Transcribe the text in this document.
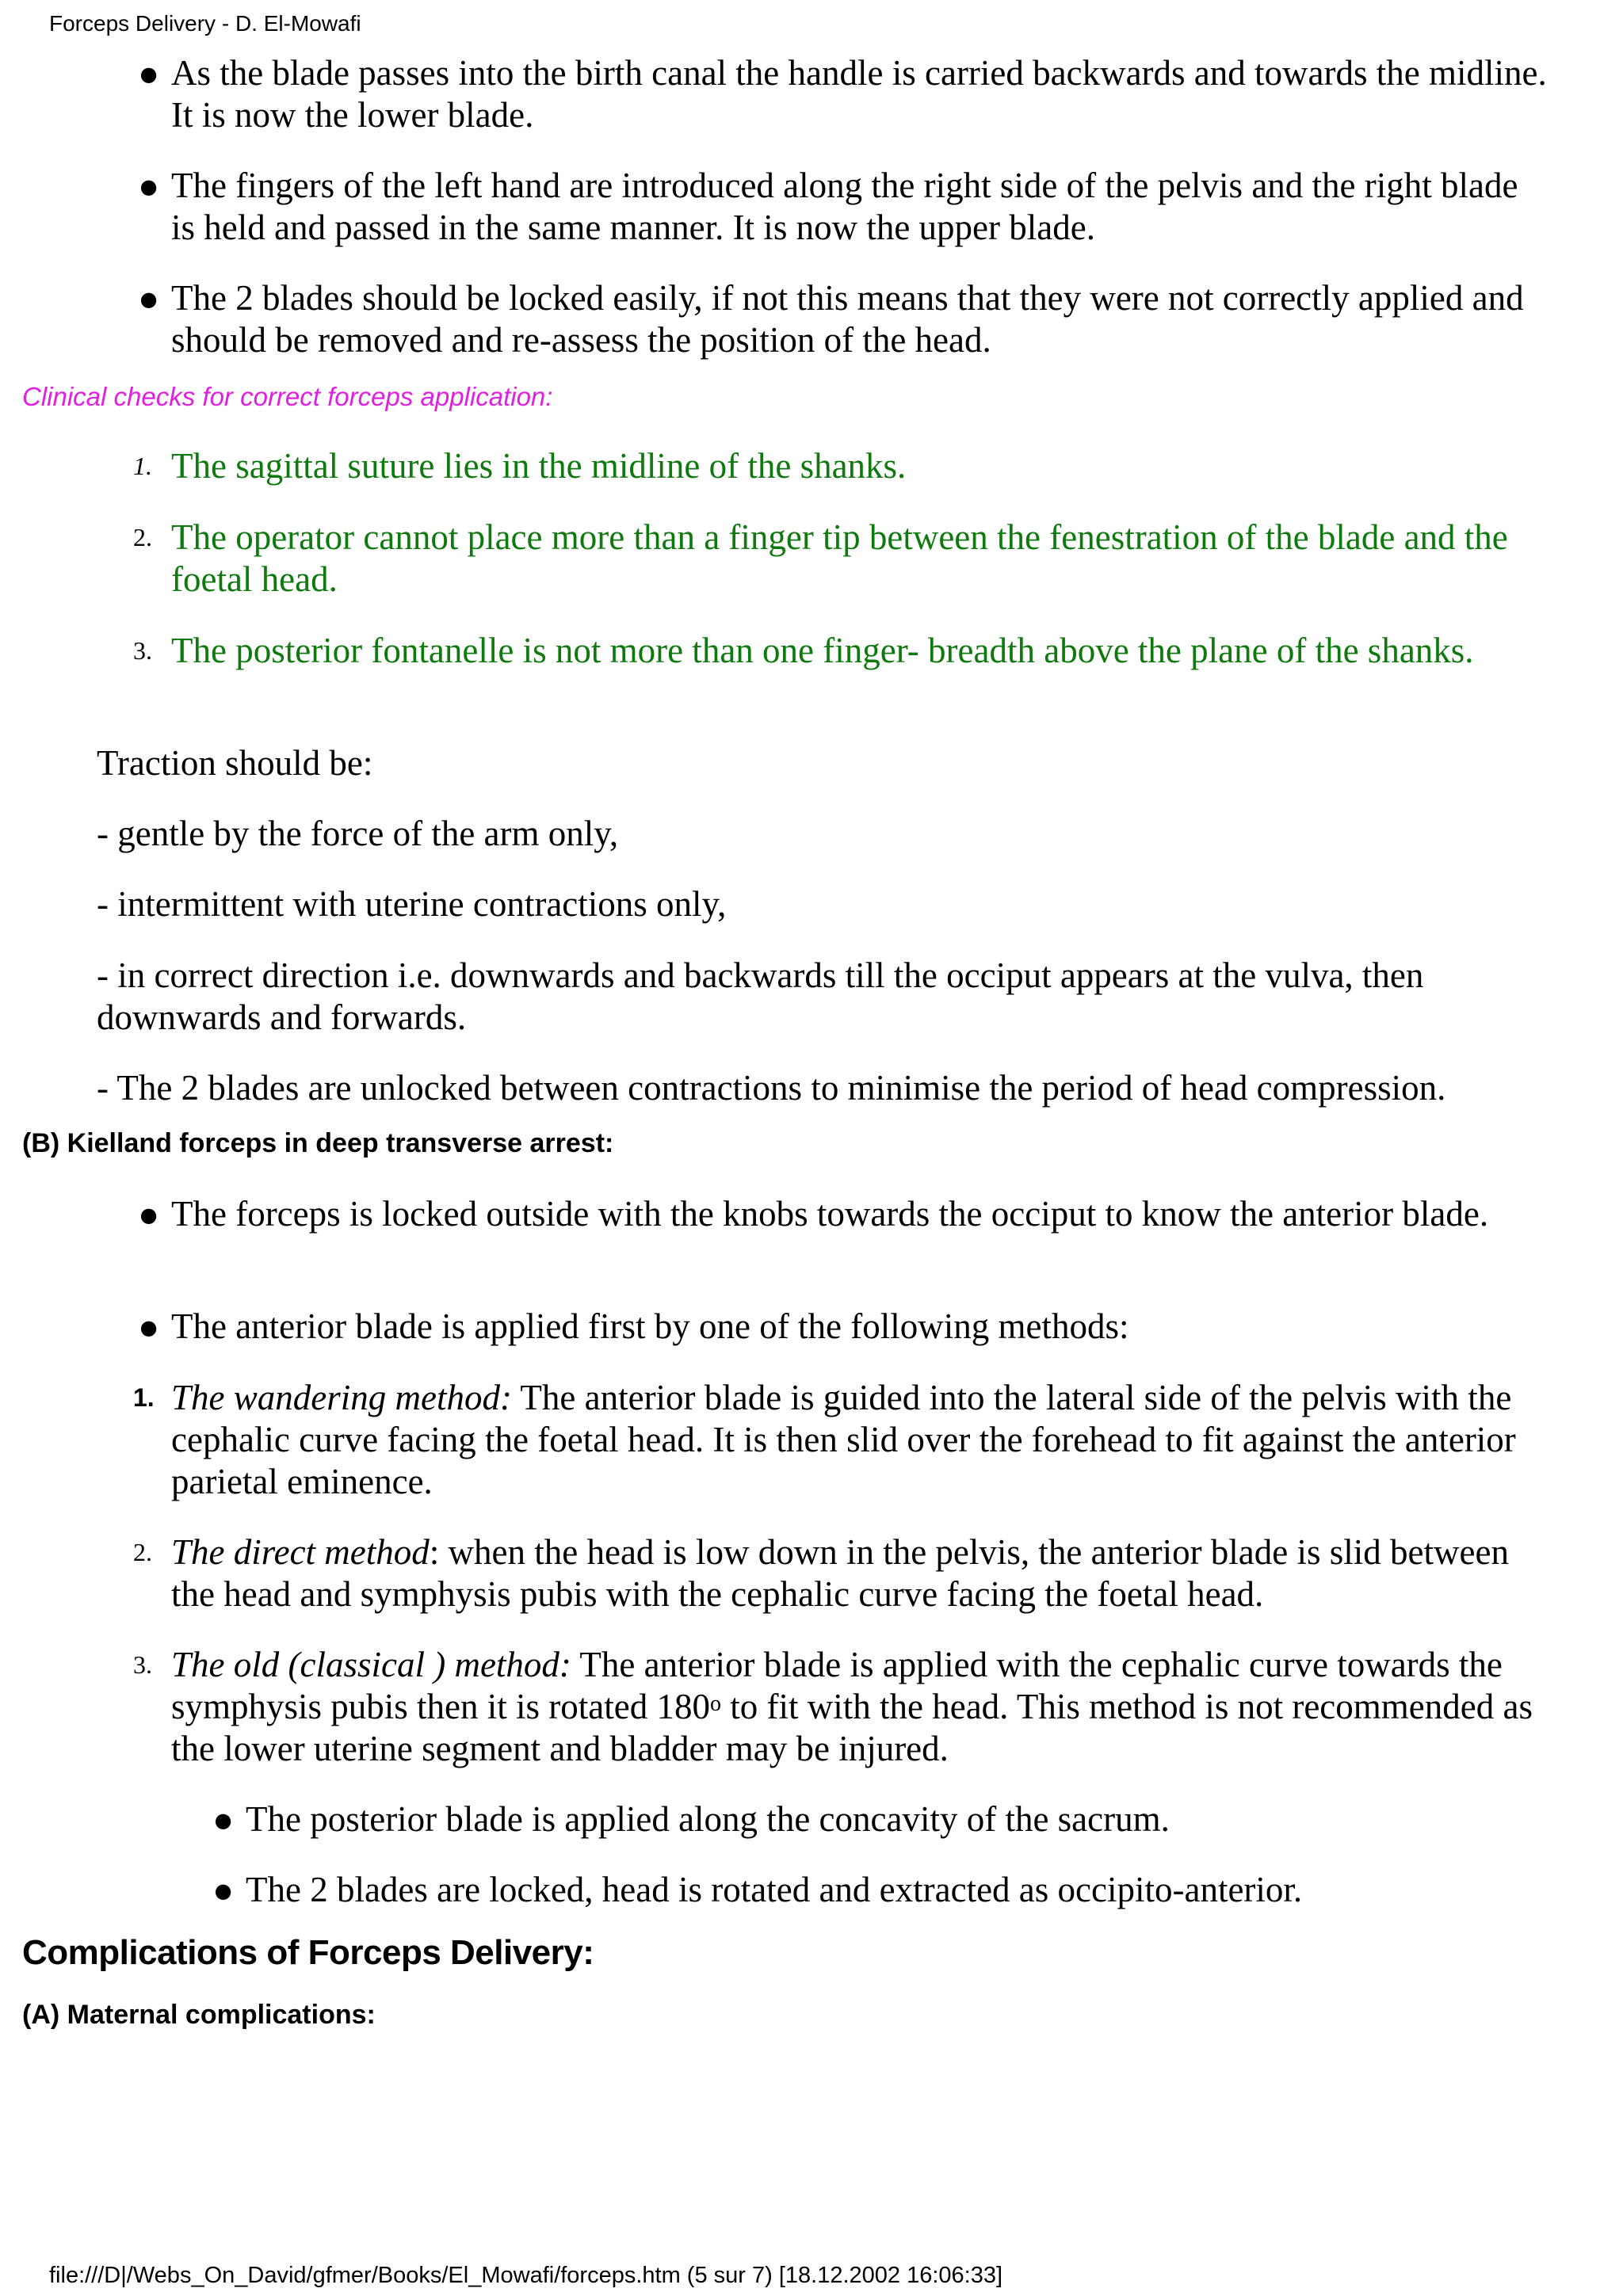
Forceps Delivery - D. El-Mowafi
● As the blade passes into the birth canal the handle is carried backwards and towards the midline. It is now the lower blade.
● The fingers of the left hand are introduced along the right side of the pelvis and the right blade is held and passed in the same manner. It is now the upper blade.
● The 2 blades should be locked easily, if not this means that they were not correctly applied and should be removed and re-assess the position of the head.
Clinical checks for correct forceps application:
1. The sagittal suture lies in the midline of the shanks.
2. The operator cannot place more than a finger tip between the fenestration of the blade and the foetal head.
3. The posterior fontanelle is not more than one finger- breadth above the plane of the shanks.
Traction should be:
- gentle by the force of the arm only,
- intermittent with uterine contractions only,
- in correct direction i.e. downwards and backwards till the occiput appears at the vulva, then downwards and forwards.
- The 2 blades are unlocked between contractions to minimise the period of head compression.
(B) Kielland forceps in deep transverse arrest:
● The forceps is locked outside with the knobs towards the occiput to know the anterior blade.
● The anterior blade is applied first by one of the following methods:
1. The wandering method: The anterior blade is guided into the lateral side of the pelvis with the cephalic curve facing the foetal head. It is then slid over the forehead to fit against the anterior parietal eminence.
2. The direct method: when the head is low down in the pelvis, the anterior blade is slid between the head and symphysis pubis with the cephalic curve facing the foetal head.
3. The old (classical ) method: The anterior blade is applied with the cephalic curve towards the symphysis pubis then it is rotated 180$^o$ to fit with the head. This method is not recommended as the lower uterine segment and bladder may be injured.
● The posterior blade is applied along the concavity of the sacrum.
● The 2 blades are locked, head is rotated and extracted as occipito-anterior.
Complications of Forceps Delivery:
(A) Maternal complications:
file:///D|/Webs_On_David/gfmer/Books/El_Mowafi/forceps.htm (5 sur 7) [18.12.2002 16:06:33]
